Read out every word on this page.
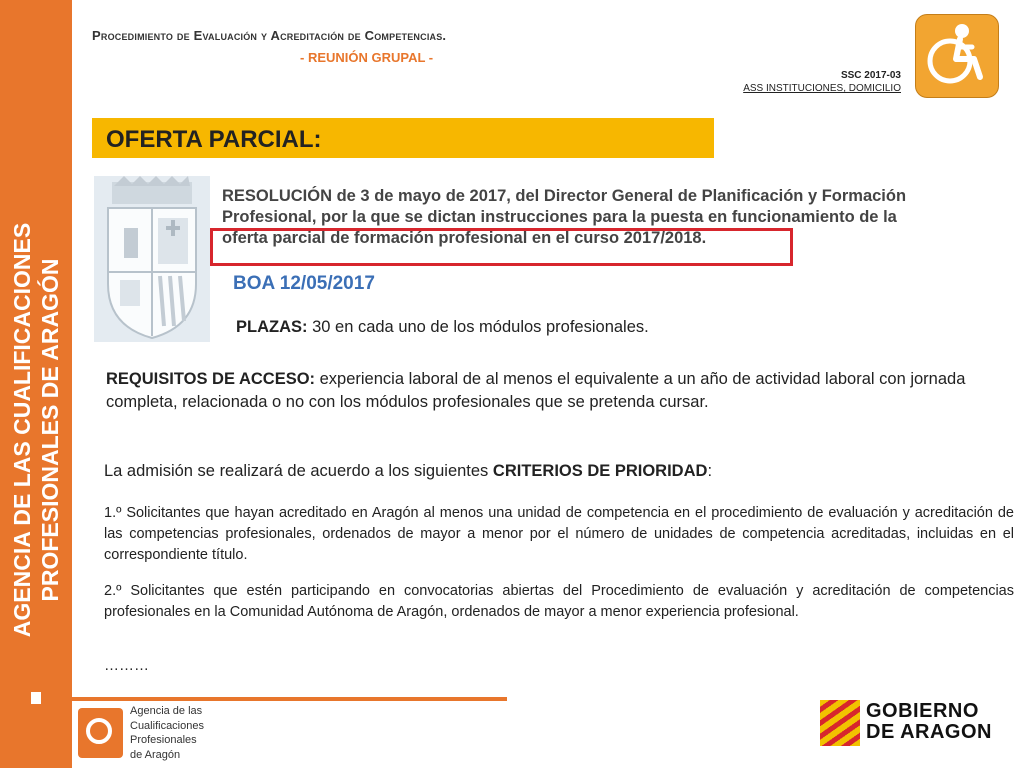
AGENCIA DE LAS CUALIFICACIONES PROFESIONALES DE ARAGÓN
Procedimiento de Evaluación y Acreditación de Competencias.
- REUNIÓN GRUPAL -
SSC 2017-03
ASS INSTITUCIONES, DOMICILIO
OFERTA PARCIAL:
RESOLUCIÓN de 3 de mayo de 2017, del Director General de Planificación y Formación
Profesional, por la que se dictan instrucciones para la puesta en funcionamiento de la
oferta parcial de formación profesional en el curso 2017/2018.
BOA 12/05/2017
PLAZAS: 30 en cada uno de los módulos profesionales.
REQUISITOS DE ACCESO: experiencia laboral de al menos el equivalente a un año de actividad laboral con jornada completa, relacionada o no con los módulos profesionales que se pretenda cursar.
La admisión se realizará de acuerdo a los siguientes CRITERIOS DE PRIORIDAD:
1.º Solicitantes que hayan acreditado en Aragón al menos una unidad de competencia en el procedimiento de evaluación y acreditación de las competencias profesionales, ordenados de mayor a menor por el número de unidades de competencia acreditadas, incluidas en el correspondiente título.
2.º Solicitantes que estén participando en convocatorias abiertas del Procedimiento de evaluación y acreditación de competencias profesionales en la Comunidad Autónoma de Aragón, ordenados de mayor a menor experiencia profesional.
………
Agencia de las
Cualificaciones
Profesionales
de Aragón
GOBIERNO
DE ARAGON
